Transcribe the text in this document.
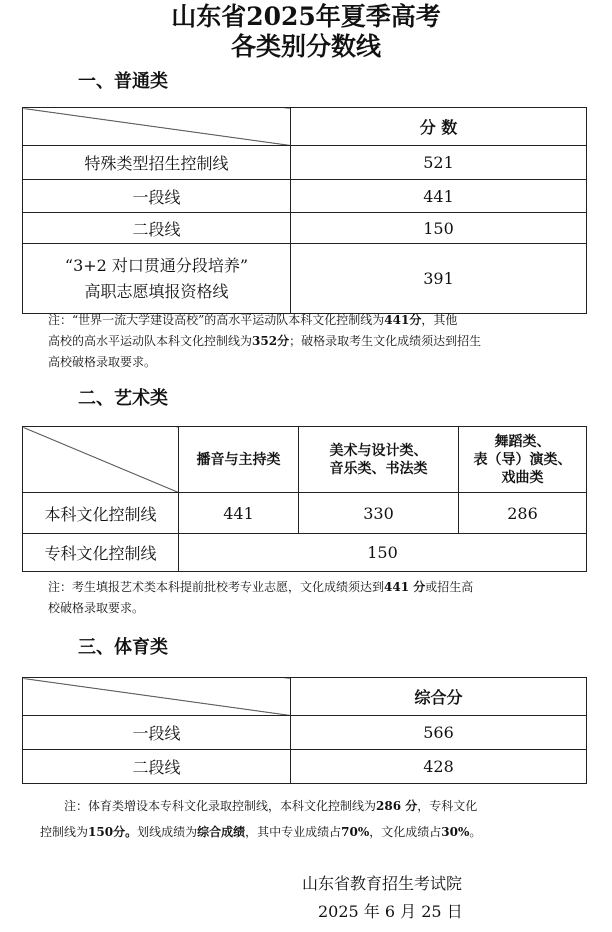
山东省2025年夏季高考
各类别分数线
一、普通类
	分 数
特殊类型招生控制线	521
一段线	441
二段线	150
“3+2 对口贯通分段培养”
高职志愿填报资格线	391
注：“世界一流大学建设高校”的高水平运动队本科文化控制线为441分，其他
高校的高水平运动队本科文化控制线为352分；破格录取考生文化成绩须达到招生
高校破格录取要求。
二、艺术类
	播音与主持类	美术与设计类、
音乐类、书法类	舞蹈类、
表（导）演类、
戏曲类
本科文化控制线	441	330	286
专科文化控制线	150		
注：考生填报艺术类本科提前批校考专业志愿，文化成绩须达到441 分或招生高
校破格录取要求。
三、体育类
	综合分
一段线	566
二段线	428
注：体育类增设本专科文化录取控制线，本科文化控制线为286 分，专科文化
控制线为150分。划线成绩为综合成绩，其中专业成绩占70%，文化成绩占30%。
山东省教育招生考试院
2025 年 6 月 25 日
